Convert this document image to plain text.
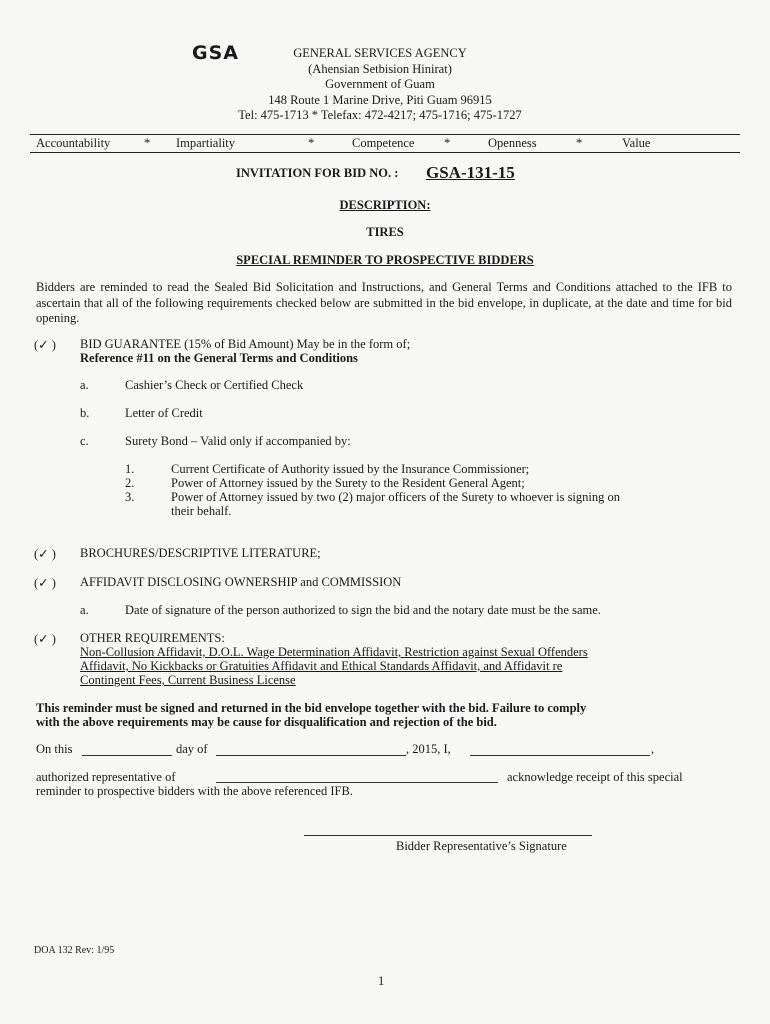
GSA	GENERAL SERVICES AGENCY
(Ahensian Setbision Hinirat)
Government of Guam
148 Route 1 Marine Drive, Piti Guam 96915
Tel: 475-1713 * Telefax: 472-4217; 475-1716; 475-1727
Accountability	* Impartiality	*	Competence *	Openness	*	Value
INVITATION FOR BID NO. : GSA-131-15
DESCRIPTION:
TIRES
SPECIAL REMINDER TO PROSPECTIVE BIDDERS
Bidders are reminded to read the Sealed Bid Solicitation and Instructions, and General Terms and Conditions attached to the IFB to ascertain that all of the following requirements checked below are submitted in the bid envelope, in duplicate, at the date and time for bid opening.
(✓ ) BID GUARANTEE (15% of Bid Amount) May be in the form of;
Reference #11 on the General Terms and Conditions
a.	Cashier’s Check or Certified Check
b.	Letter of Credit
c.	Surety Bond – Valid only if accompanied by:
1.	Current Certificate of Authority issued by the Insurance Commissioner;
2.	Power of Attorney issued by the Surety to the Resident General Agent;
3.	Power of Attorney issued by two (2) major officers of the Surety to whoever is signing on
their behalf.
(✓ ) BROCHURES/DESCRIPTIVE LITERATURE;
(✓ ) AFFIDAVIT DISCLOSING OWNERSHIP and COMMISSION
a.	Date of signature of the person authorized to sign the bid and the notary date must be the same.
(✓ ) OTHER REQUIREMENTS:
Non-Collusion Affidavit, D.O.L. Wage Determination Affidavit, Restriction against Sexual Offenders
Affidavit, No Kickbacks or Gratuities Affidavit and Ethical Standards Affidavit, and Affidavit re
Contingent Fees, Current Business License
This reminder must be signed and returned in the bid envelope together with the bid. Failure to comply
with the above requirements may be cause for disqualification and rejection of the bid.
On this	day of	, 2015, I,	,
authorized representative of	acknowledge receipt of this special
reminder to prospective bidders with the above referenced IFB.
Bidder Representative’s Signature
DOA 132 Rev: 1/95
1
